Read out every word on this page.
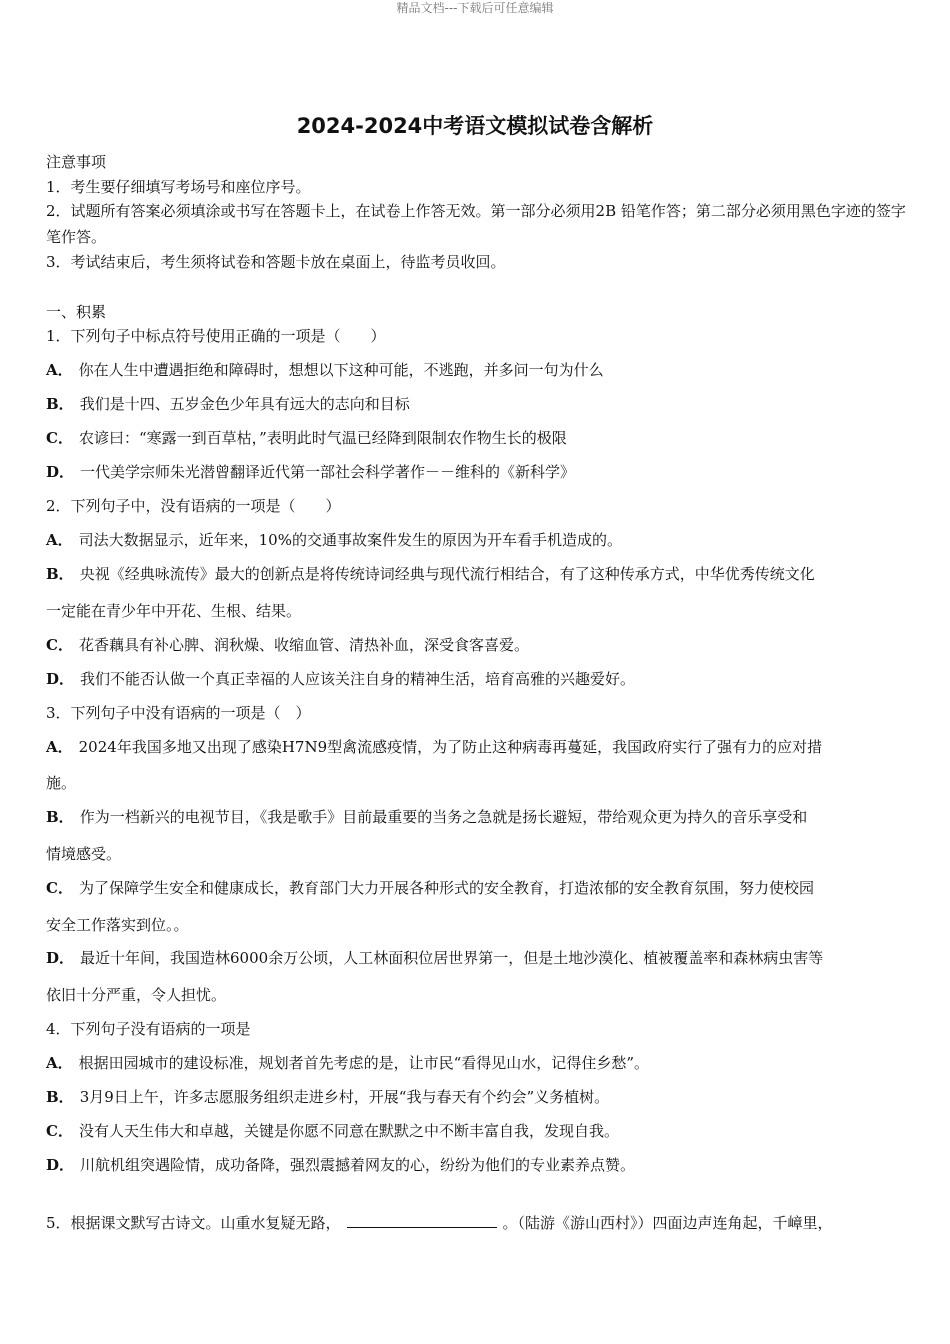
精品文档---下载后可任意编辑
2024-2024中考语文模拟试卷含解析
注意事项
1．考生要仔细填写考场号和座位序号。
2．试题所有答案必须填涂或书写在答题卡上，在试卷上作答无效。第一部分必须用2B 铅笔作答；第二部分必须用黑色字迹的签字笔作答。
3．考试结束后，考生须将试卷和答题卡放在桌面上，待监考员收回。
一、积累
1．下列句子中标点符号使用正确的一项是（　　）
A． 你在人生中遭遇拒绝和障碍时，想想以下这种可能，不逃跑，并多问一句为什么
B． 我们是十四、五岁金色少年具有远大的志向和目标
C． 农谚曰：“寒露一到百草枯，”表明此时气温已经降到限制农作物生长的极限
D． 一代美学宗师朱光潜曾翻译近代第一部社会科学著作－－维科的《新科学》
2．下列句子中，没有语病的一项是（　　）
A． 司法大数据显示，近年来，10%的交通事故案件发生的原因为开车看手机造成的。
B． 央视《经典咏流传》最大的创新点是将传统诗词经典与现代流行相结合，有了这种传承方式，中华优秀传统文化
一定能在青少年中开花、生根、结果。
C． 花香藕具有补心脾、润秋燥、收缩血管、清热补血，深受食客喜爱。
D． 我们不能否认做一个真正幸福的人应该关注自身的精神生活，培育高雅的兴趣爱好。
3．下列句子中没有语病的一项是（　）
A． 2024年我国多地又出现了感染H7N9型禽流感疫情，为了防止这种病毒再蔓延，我国政府实行了强有力的应对措
施。
B． 作为一档新兴的电视节目，《我是歌手》目前最重要的当务之急就是扬长避短，带给观众更为持久的音乐享受和
情境感受。
C． 为了保障学生安全和健康成长，教育部门大力开展各种形式的安全教育，打造浓郁的安全教育氛围，努力使校园
安全工作落实到位。。
D． 最近十年间，我国造林6000余万公顷，人工林面积位居世界第一，但是土地沙漠化、植被覆盖率和森林病虫害等
依旧十分严重，令人担忧。
4．下列句子没有语病的一项是
A． 根据田园城市的建设标准，规划者首先考虑的是，让市民“看得见山水，记得住乡愁”。
B． 3月9日上午，许多志愿服务组织走进乡村，开展“我与春天有个约会”义务植树。
C． 没有人天生伟大和卓越，关键是你愿不同意在默默之中不断丰富自我，发现自我。
D． 川航机组突遇险情，成功备降，强烈震撼着网友的心，纷纷为他们的专业素养点赞。
5．根据课文默写古诗文。山重水复疑无路，	。（陆游《游山西村》）四面边声连角起，千嶂里，
